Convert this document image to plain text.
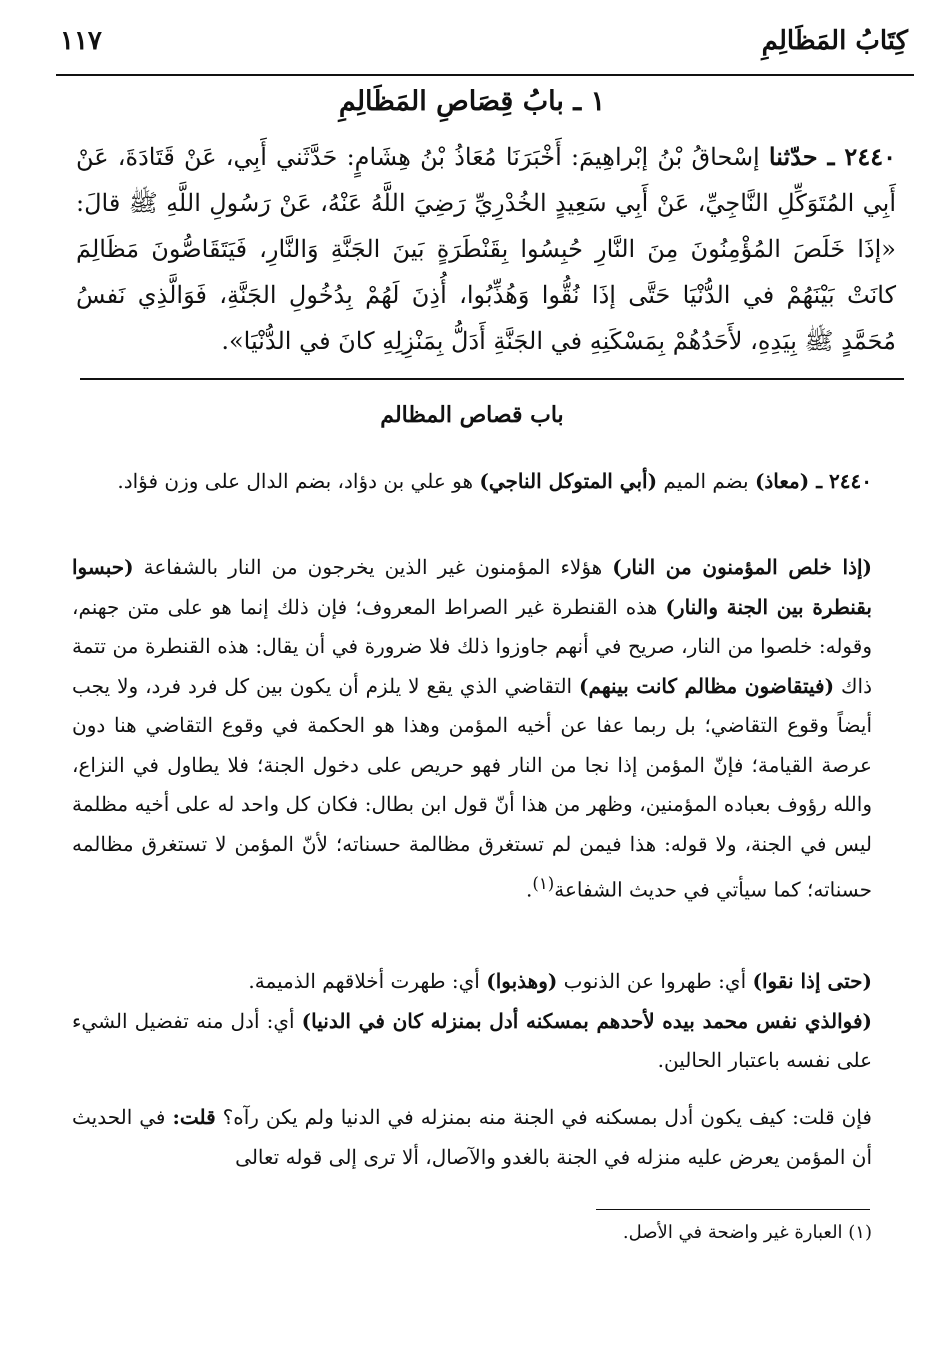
كِتَابُ المَظَالِمِ
١١٧
١ ـ بابُ قِصَاصِ المَظَالِمِ
٢٤٤٠ ـ حدّثنا إسْحاقُ بْنُ إبْراهِيمَ: أَخْبَرَنَا مُعَاذُ بْنُ هِشَامٍ: حَدَّثَني أَبِي، عَنْ قَتَادَةَ، عَنْ أَبِي المُتَوَكِّلِ النَّاجِيِّ، عَنْ أَبِي سَعِيدٍ الخُدْرِيِّ رَضِيَ اللَّهُ عَنْهُ، عَنْ رَسُولِ اللَّهِ ﷺ قالَ: «إذَا خَلَصَ المُؤْمِنُونَ مِنَ النَّارِ حُبِسُوا بِقَنْطَرَةٍ بَينَ الجَنَّةِ وَالنَّارِ، فَيَتَقَاصُّونَ مَظَالِمَ كانَتْ بَيْنَهُمْ في الدُّنْيَا حَتَّى إذَا نُقُّوا وَهُذِّبُوا، أُذِنَ لَهُمْ بِدُخُولِ الجَنَّةِ، فَوَالَّذِي نَفسُ مُحَمَّدٍ ﷺ بِيَدِهِ، لأَحَدُهُمْ بِمَسْكَنِهِ في الجَنَّةِ أَدَلُّ بِمَنْزِلِهِ كانَ في الدُّنْيَا».
باب قصاص المظالم
٢٤٤٠ ـ (معاذ) بضم الميم (أبي المتوكل الناجي) هو علي بن دؤاد، بضم الدال على وزن فؤاد.
(إذا خلص المؤمنون من النار) هؤلاء المؤمنون غير الذين يخرجون من النار بالشفاعة (حبسوا بقنطرة بين الجنة والنار) هذه القنطرة غير الصراط المعروف؛ فإن ذلك إنما هو على متن جهنم، وقوله: خلصوا من النار، صريح في أنهم جاوزوا ذلك فلا ضرورة في أن يقال: هذه القنطرة من تتمة ذاك (فيتقاضون مظالم كانت بينهم) التقاضي الذي يقع لا يلزم أن يكون بين كل فرد فرد، ولا يجب أيضاً وقوع التقاضي؛ بل ربما عفا عن أخيه المؤمن وهذا هو الحكمة في وقوع التقاضي هنا دون عرصة القيامة؛ فإنّ المؤمن إذا نجا من النار فهو حريص على دخول الجنة؛ فلا يطاول في النزاع، والله رؤوف بعباده المؤمنين، وظهر من هذا أنّ قول ابن بطال: فكان كل واحد له على أخيه مظلمة ليس في الجنة، ولا قوله: هذا فيمن لم تستغرق مظالمة حسناته؛ لأنّ المؤمن لا تستغرق مظالمه حسناته؛ كما سيأتي في حديث الشفاعة$^{(١)}$.
(حتى إذا نقوا) أي: طهروا عن الذنوب (وهذبوا) أي: طهرت أخلاقهم الذميمة.
(فوالذي نفس محمد بيده لأحدهم بمسكنه أدل بمنزله كان في الدنيا) أي: أدل منه تفضيل الشيء على نفسه باعتبار الحالين.
فإن قلت: كيف يكون أدل بمسكنه في الجنة منه بمنزله في الدنيا ولم يكن رآه؟ قلت: في الحديث أن المؤمن يعرض عليه منزله في الجنة بالغدو والآصال، ألا ترى إلى قوله تعالى
(١) العبارة غير واضحة في الأصل.
